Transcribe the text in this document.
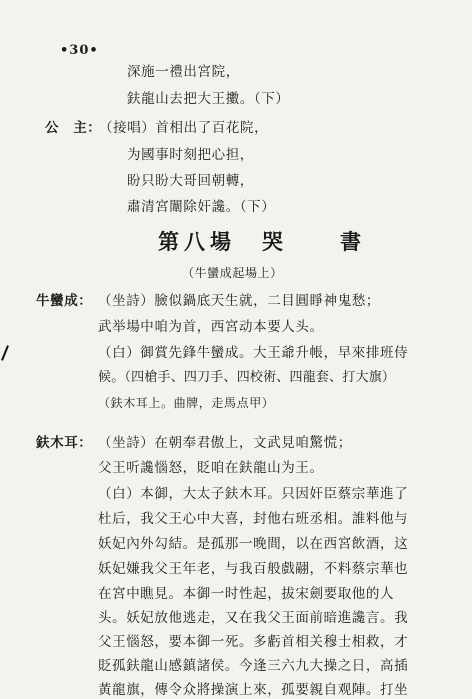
•30•
深施一禮出宮院，
鈇龍山去把大王擻。（下）
公　主：
（接唱）首相出了百花院，
为國事时刻把心担，
盼只盼大哥回朝轉，
肅清宮闈除奸讒。（下）
第八場　哭　　書
（牛蠻成起場上）
牛蠻成： （坐詩）臉似鍋底天生就，二目圓睜神鬼愁；
武举場中咱为首，西宮动本要人头。
（白）御賞先鋒牛蠻成。大王爺升帳，早來排班侍
候。（四槍手、四刀手、四校術、四龍套、打大旗）
（鈇木耳上。曲牌，走馬点甲）
鈇木耳： （坐詩）在朝奉君傲上，文武見咱驚慌；
父王听讒惱怒，貶咱在鈇龍山为王。
（白）本御，大太子鈇木耳。只因奸臣蔡宗華進了
杜后，我父王心中大喜，封他右班丞相。誰料他与
妖妃內外勾結。是孤那一晚間，以在西宮飲酒，这
妖妃嫌我父王年老，与我百般戲翤，不料蔡宗華也
在宮中瞧見。本御一时性起，拔宋劍要取他的人
头。妖妃放他逃走，又在我父王面前暗進讒言。我
父王惱怒，要本御一死。多虧首相关穆士相救，才
貶孤鈇龍山感鎮諸侯。今逢三六九大操之日，高插
黃龍旗，傳令众將操演上來，孤要親自观陣。打坐
